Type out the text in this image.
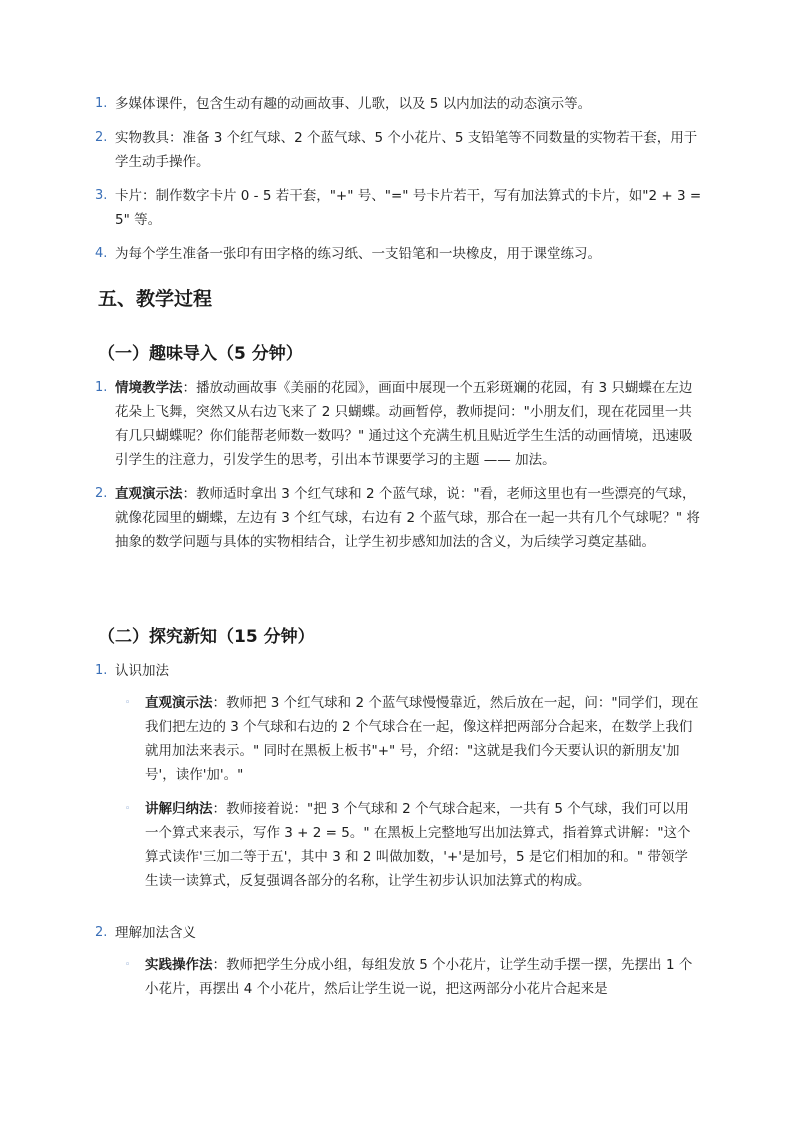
1. 多媒体课件，包含生动有趣的动画故事、儿歌，以及 5 以内加法的动态演示等。
2. 实物教具：准备 3 个红气球、2 个蓝气球、5 个小花片、5 支铅笔等不同数量的实物若干套，用于学生动手操作。
3. 卡片：制作数字卡片 0 - 5 若干套，"+" 号、"=" 号卡片若干，写有加法算式的卡片，如"2 + 3 = 5" 等。
4. 为每个学生准备一张印有田字格的练习纸、一支铅笔和一块橡皮，用于课堂练习。
五、教学过程
（一）趣味导入（5 分钟）
1. 情境教学法：播放动画故事《美丽的花园》，画面中展现一个五彩斑斓的花园，有 3 只蝴蝶在左边花朵上飞舞，突然又从右边飞来了 2 只蝴蝶。动画暂停，教师提问："小朋友们，现在花园里一共有几只蝴蝶呢？你们能帮老师数一数吗？" 通过这个充满生机且贴近学生生活的动画情境，迅速吸引学生的注意力，引发学生的思考，引出本节课要学习的主题 —— 加法。
2. 直观演示法：教师适时拿出 3 个红气球和 2 个蓝气球，说："看，老师这里也有一些漂亮的气球，就像花园里的蝴蝶，左边有 3 个红气球，右边有 2 个蓝气球，那合在一起一共有几个气球呢？" 将抽象的数学问题与具体的实物相结合，让学生初步感知加法的含义，为后续学习奠定基础。
（二）探究新知（15 分钟）
1. 认识加法
◦	直观演示法：教师把 3 个红气球和 2 个蓝气球慢慢靠近，然后放在一起，问："同学们，现在我们把左边的 3 个气球和右边的 2 个气球合在一起，像这样把两部分合起来，在数学上我们就用加法来表示。" 同时在黑板上板书"+" 号，介绍："这就是我们今天要认识的新朋友'加号'，读作'加'。"
◦	讲解归纳法：教师接着说："把 3 个气球和 2 个气球合起来，一共有 5 个气球，我们可以用一个算式来表示，写作 3 + 2 = 5。" 在黑板上完整地写出加法算式，指着算式讲解："这个算式读作'三加二等于五'，其中 3 和 2 叫做加数，'+'是加号，5 是它们相加的和。" 带领学生读一读算式，反复强调各部分的名称，让学生初步认识加法算式的构成。
2. 理解加法含义
◦	实践操作法：教师把学生分成小组，每组发放 5 个小花片，让学生动手摆一摆，先摆出 1 个小花片，再摆出 4 个小花片，然后让学生说一说，把这两部分小花片合起来是
